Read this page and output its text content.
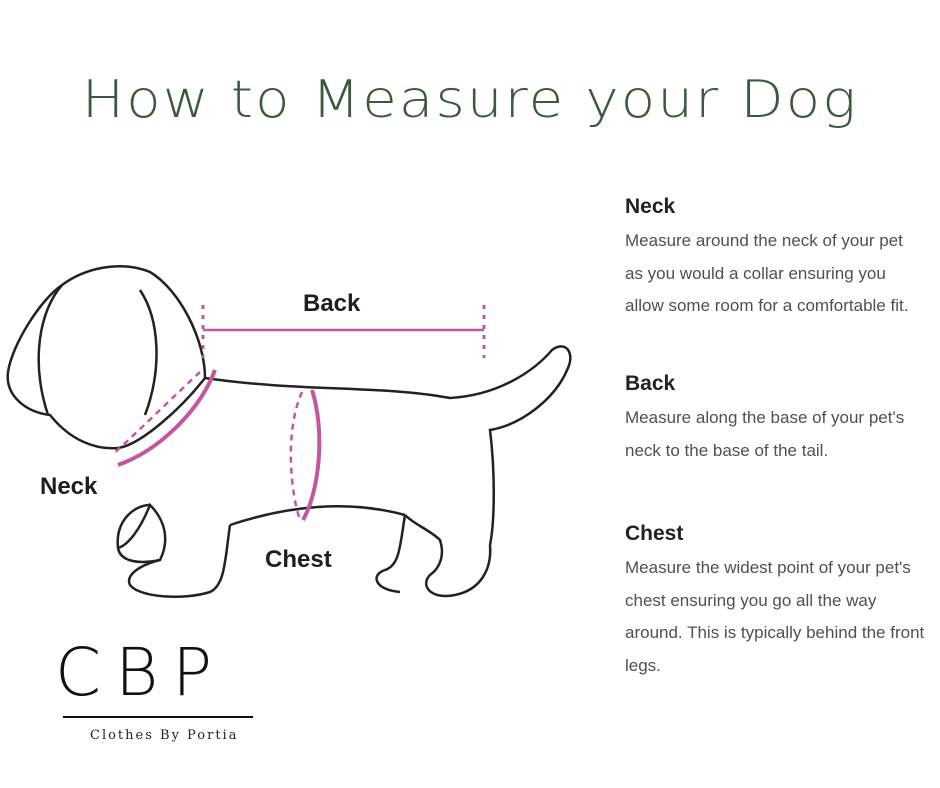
How to Measure your Dog
Back
Neck
Chest
Neck

Measure around the neck of your pet as you would a collar ensuring you allow some room for a comfortable fit.

Back

Measure along the base of your pet's neck to the base of the tail.

Chest

Measure the widest point of your pet's chest ensuring you go all the way around. This is typically behind the front legs.

CBP
Clothes By Portia
